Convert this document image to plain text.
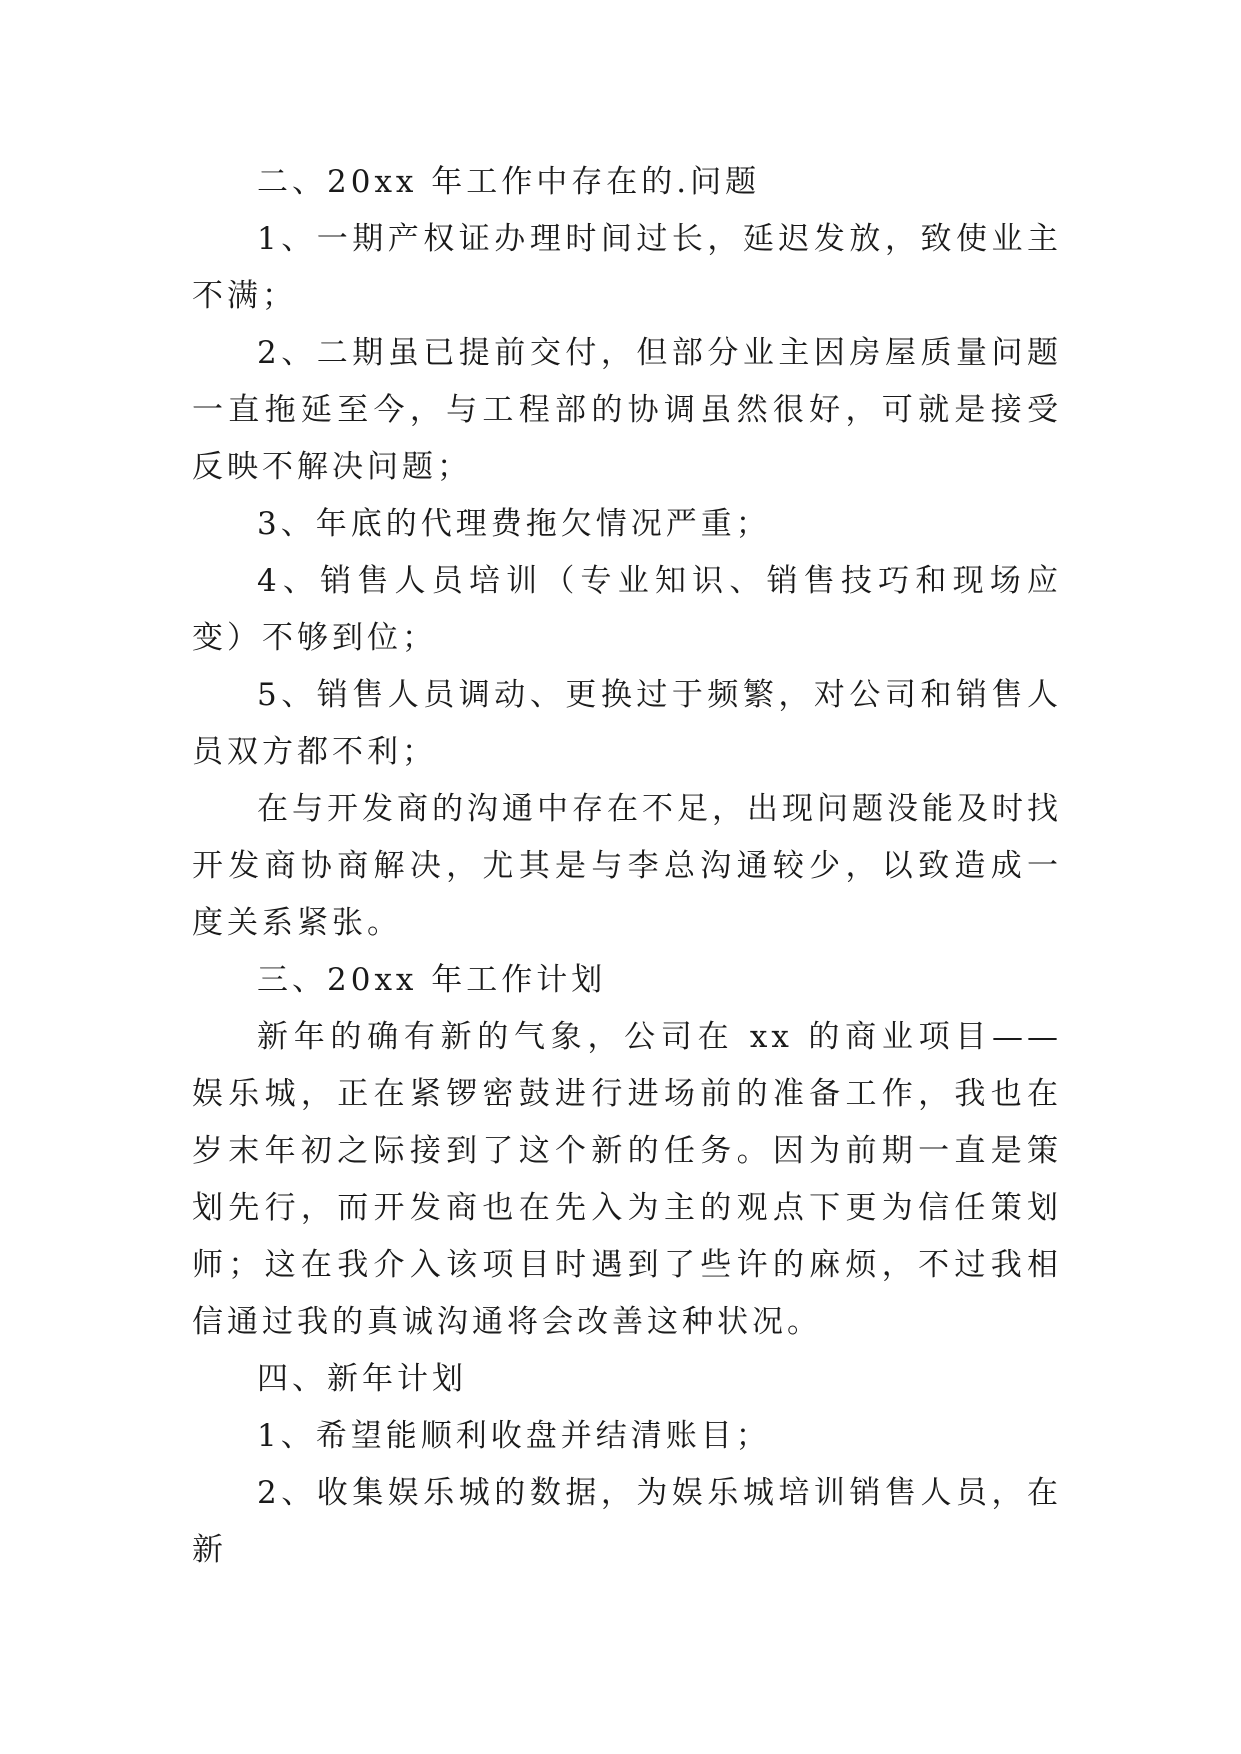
二、20xx 年工作中存在的.问题

1、一期产权证办理时间过长，延迟发放，致使业主不满；

2、二期虽已提前交付，但部分业主因房屋质量问题一直拖延至今，与工程部的协调虽然很好，可就是接受反映不解决问题；

3、年底的代理费拖欠情况严重；

4、销售人员培训（专业知识、销售技巧和现场应变）不够到位；

5、销售人员调动、更换过于频繁，对公司和销售人员双方都不利；

在与开发商的沟通中存在不足，出现问题没能及时找开发商协商解决，尤其是与李总沟通较少，以致造成一度关系紧张。

三、20xx 年工作计划

新年的确有新的气象，公司在 xx 的商业项目——娱乐城，正在紧锣密鼓进行进场前的准备工作，我也在岁末年初之际接到了这个新的任务。因为前期一直是策划先行，而开发商也在先入为主的观点下更为信任策划师；这在我介入该项目时遇到了些许的麻烦，不过我相信通过我的真诚沟通将会改善这种状况。

四、新年计划

1、希望能顺利收盘并结清账目；

2、收集娱乐城的数据，为娱乐城培训销售人员，在新
